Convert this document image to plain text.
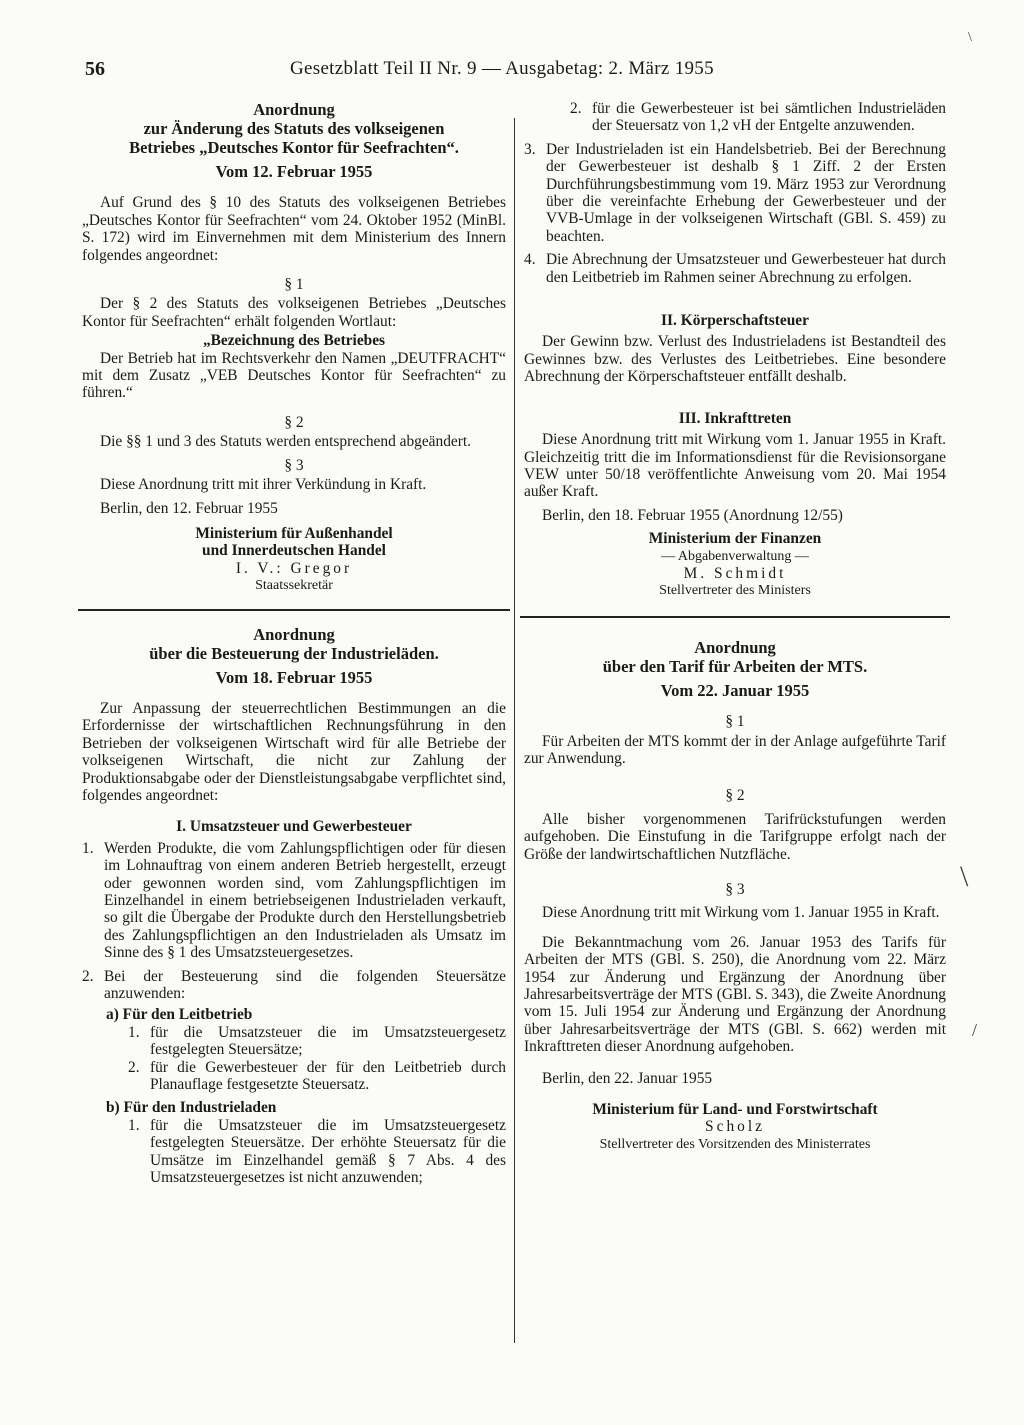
56	Gesetzblatt Teil II Nr. 9 — Ausgabetag: 2. März 1955
Anordnung
zur Änderung des Statuts des volkseigenen
Betriebes „Deutsches Kontor für Seefrachten“.
Vom 12. Februar 1955

Auf Grund des § 10 des Statuts des volkseigenen Betriebes „Deutsches Kontor für Seefrachten“ vom 24. Oktober 1952 (MinBl. S. 172) wird im Einvernehmen mit dem Ministerium des Innern folgendes angeordnet:

§ 1

Der § 2 des Statuts des volkseigenen Betriebes „Deutsches Kontor für Seefrachten“ erhält folgenden Wortlaut:

„Bezeichnung des Betriebes

Der Betrieb hat im Rechtsverkehr den Namen „DEUTFRACHT“ mit dem Zusatz „VEB Deutsches Kontor für Seefrachten“ zu führen.“

§ 2

Die §§ 1 und 3 des Statuts werden entsprechend abgeändert.

§ 3

Diese Anordnung tritt mit ihrer Verkündung in Kraft.

Berlin, den 12. Februar 1955

Ministerium für Außenhandel
und Innerdeutschen Handel
I. V.: Gregor
Staatssekretär
Anordnung
über die Besteuerung der Industrieläden.
Vom 18. Februar 1955

Zur Anpassung der steuerrechtlichen Bestimmungen an die Erfordernisse der wirtschaftlichen Rechnungsführung in den Betrieben der volkseigenen Wirtschaft wird für alle Betriebe der volkseigenen Wirtschaft, die nicht zur Zahlung der Produktionsabgabe oder der Dienstleistungsabgabe verpflichtet sind, folgendes angeordnet:

I. Umsatzsteuer und Gewerbesteuer
1. Werden Produkte, die vom Zahlungspflichtigen oder für diesen im Lohnauftrag von einem anderen Betrieb hergestellt, erzeugt oder gewonnen worden sind, vom Zahlungspflichtigen im Einzelhandel in einem betriebseigenen Industrieladen verkauft, so gilt die Übergabe der Produkte durch den Herstellungsbetrieb des Zahlungspflichtigen an den Industrieladen als Umsatz im Sinne des § 1 des Umsatzsteuergesetzes.
2. Bei der Besteuerung sind die folgenden Steuersätze anzuwenden:
a) Für den Leitbetrieb
1. für die Umsatzsteuer die im Umsatzsteuergesetz festgelegten Steuersätze;
2. für die Gewerbesteuer der für den Leitbetrieb durch Planauflage festgesetzte Steuersatz.
b) Für den Industrieladen
1. für die Umsatzsteuer die im Umsatzsteuergesetz festgelegten Steuersätze. Der erhöhte Steuersatz für die Umsätze im Einzelhandel gemäß § 7 Abs. 4 des Umsatzsteuergesetzes ist nicht anzuwenden;
2. für die Gewerbesteuer ist bei sämtlichen Industrieläden der Steuersatz von 1,2 vH der Entgelte anzuwenden.
3. Der Industrieladen ist ein Handelsbetrieb. Bei der Berechnung der Gewerbesteuer ist deshalb § 1 Ziff. 2 der Ersten Durchführungsbestimmung vom 19. März 1953 zur Verordnung über die vereinfachte Erhebung der Gewerbesteuer und der VVB-Umlage in der volkseigenen Wirtschaft (GBl. S. 459) zu beachten.
4. Die Abrechnung der Umsatzsteuer und Gewerbesteuer hat durch den Leitbetrieb im Rahmen seiner Abrechnung zu erfolgen.
II. Körperschaftsteuer

Der Gewinn bzw. Verlust des Industrieladens ist Bestandteil des Gewinnes bzw. des Verlustes des Leitbetriebes. Eine besondere Abrechnung der Körperschaftsteuer entfällt deshalb.

III. Inkrafttreten

Diese Anordnung tritt mit Wirkung vom 1. Januar 1955 in Kraft. Gleichzeitig tritt die im Informationsdienst für die Revisionsorgane VEW unter 50/18 veröffentlichte Anweisung vom 20. Mai 1954 außer Kraft.

Berlin, den 18. Februar 1955 (Anordnung 12/55)

Ministerium der Finanzen
— Abgabenverwaltung —
M. Schmidt
Stellvertreter des Ministers
Anordnung
über den Tarif für Arbeiten der MTS.
Vom 22. Januar 1955
§ 1

Für Arbeiten der MTS kommt der in der Anlage aufgeführte Tarif zur Anwendung.

§ 2

Alle bisher vorgenommenen Tarifrückstufungen werden aufgehoben. Die Einstufung in die Tarifgruppe erfolgt nach der Größe der landwirtschaftlichen Nutzfläche.

§ 3

Diese Anordnung tritt mit Wirkung vom 1. Januar 1955 in Kraft.

Die Bekanntmachung vom 26. Januar 1953 des Tarifs für Arbeiten der MTS (GBl. S. 250), die Anordnung vom 22. März 1954 zur Änderung und Ergänzung der Anordnung über Jahresarbeitsverträge der MTS (GBl. S. 343), die Zweite Anordnung vom 15. Juli 1954 zur Änderung und Ergänzung der Anordnung über Jahresarbeitsverträge der MTS (GBl. S. 662) werden mit Inkrafttreten dieser Anordnung aufgehoben.

Berlin, den 22. Januar 1955

Ministerium für Land- und Forstwirtschaft
Scholz
Stellvertreter des Vorsitzenden des Ministerrates
\
\
/
